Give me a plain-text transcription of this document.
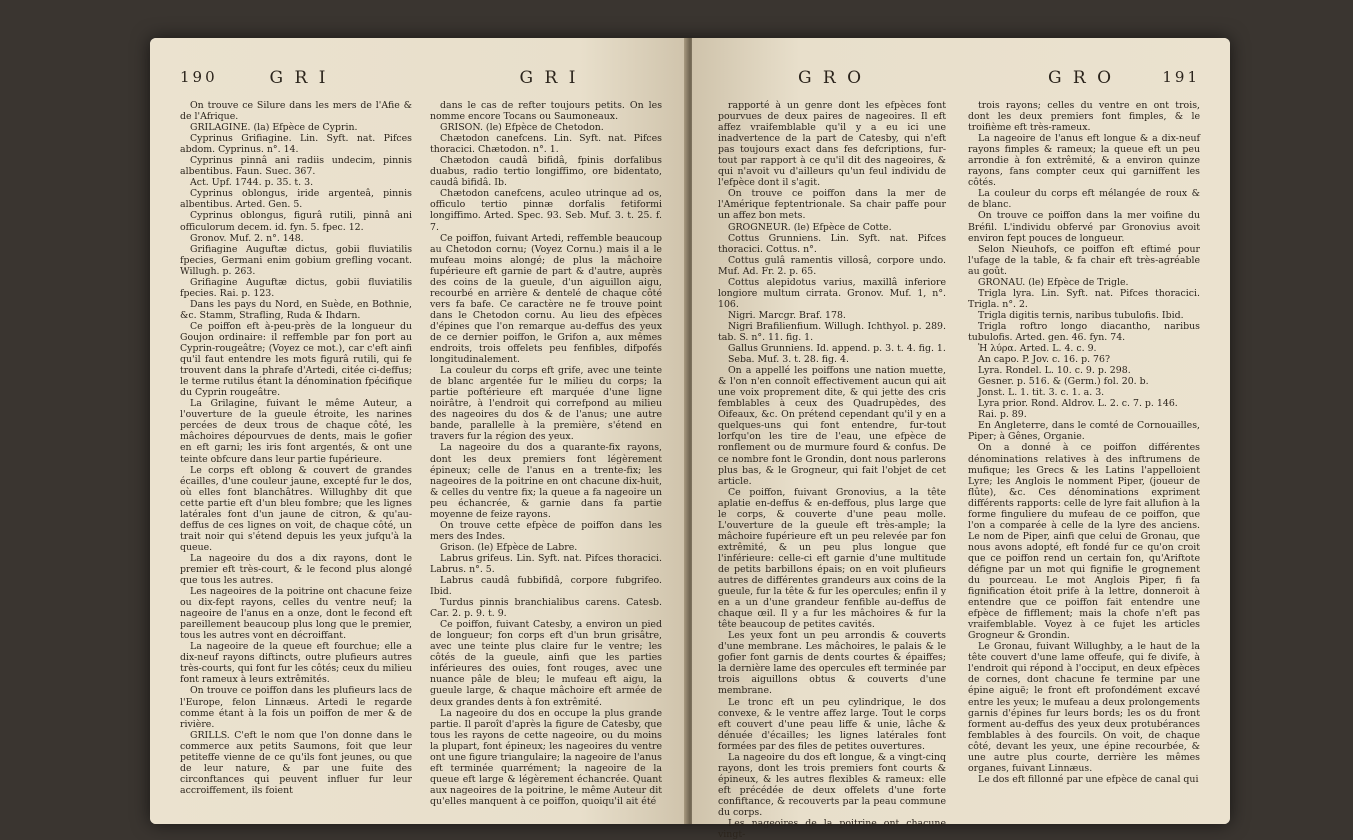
190	G R I	G R I

On trouve ce Silure dans les mers de l'Afie & de l'Afrique.

GRILAGINE. (la) Efpèce de Cyprin.

Cyprinus Grifiagine. Lin. Syft. nat. Pifces abdom. Cyprinus. n°. 14.

Cyprinus pinnâ ani radiis undecim, pinnis albentibus. Faun. Suec. 367.

Act. Upf. 1744. p. 35. t. 3.

Cyprinus oblongus, iride argenteâ, pinnis albentibus. Arted. Gen. 5.

Cyprinus oblongus, figurâ rutili, pinnâ ani officulorum decem. id. fyn. 5. fpec. 12.

Gronov. Muf. 2. n°. 148.

Grifiagine Auguftæ dictus, gobii fluviatilis fpecies, Germani enim gobium grefling vocant. Willugh. p. 263.

Grifiagine Auguftæ dictus, gobii fluviatilis fpecies. Rai. p. 123.

Dans les pays du Nord, en Suède, en Bothnie, &c. Stamm, Strafling, Ruda & Ihdarn.

Ce poiffon eft à-peu-près de la longueur du Goujon ordinaire: il reffemble par fon port au Cyprin-rougeâtre; (Voyez ce mot.), car c'eft ainfi qu'il faut entendre les mots figurâ rutili, qui fe trouvent dans la phrafe d'Artedi, citée ci-deffus; le terme rutilus étant la dénomination fpécifique du Cyprin rougeâtre.

La Grilagine, fuivant le même Auteur, a l'ouverture de la gueule étroite, les narines percées de deux trous de chaque côté, les mâchoires dépourvues de dents, mais le gofier en eft garni; les iris font argentés, & ont une teinte obfcure dans leur partie fupérieure.

Le corps eft oblong & couvert de grandes écailles, d'une couleur jaune, excepté fur le dos, où elles font blanchâtres. Willughby dit que cette partie eft d'un bleu fombre; que les lignes latérales font d'un jaune de citron, & qu'au-deffus de ces lignes on voit, de chaque côté, un trait noir qui s'étend depuis les yeux jufqu'à la queue.

La nageoire du dos a dix rayons, dont le premier eft très-court, & le fecond plus alongé que tous les autres.

Les nageoires de la poitrine ont chacune feize ou dix-fept rayons, celles du ventre neuf; la nageoire de l'anus en a onze, dont le fecond eft pareillement beaucoup plus long que le premier, tous les autres vont en décroiffant.

La nageoire de la queue eft fourchue; elle a dix-neuf rayons diftincts, outre plufieurs autres très-courts, qui font fur les côtés; ceux du milieu font rameux à leurs extrêmités.

On trouve ce poiffon dans les plufieurs lacs de l'Europe, felon Linnæus. Artedi le regarde comme étant à la fois un poiffon de mer & de rivière.

GRILLS. C'eft le nom que l'on donne dans le commerce aux petits Saumons, foit que leur petiteffe vienne de ce qu'ils font jeunes, ou que de leur nature, & par une fuite des circonftances qui peuvent influer fur leur accroiffement, ils foient

dans le cas de refter toujours petits. On les nomme encore Tocans ou Saumoneaux.

GRISON. (le) Efpèce de Chetodon.

Chætodon canefcens. Lin. Syft. nat. Pifces thoracici. Chætodon. n°. 1.

Chætodon caudâ bifidâ, fpinis dorfalibus duabus, radio tertio longiffimo, ore bidentato, caudâ bifidâ. Ib.

Chætodon canefcens, aculeo utrinque ad os, officulo tertio pinnæ dorfalis fetiformi longiffimo. Arted. Spec. 93. Seb. Muf. 3. t. 25. f. 7.

Ce poiffon, fuivant Artedi, reffemble beaucoup au Chetodon cornu; (Voyez Cornu.) mais il a le mufeau moins alongé; de plus la mâchoire fupérieure eft garnie de part & d'autre, auprès des coins de la gueule, d'un aiguillon aigu, recourbé en arrière & dentelé de chaque côté vers fa bafe. Ce caractère ne fe trouve point dans le Chetodon cornu. Au lieu des efpèces d'épines que l'on remarque au-deffus des yeux de ce dernier poiffon, le Grifon a, aux mêmes endroits, trois offelets peu fenfibles, difpofés longitudinalement.

La couleur du corps eft grife, avec une teinte de blanc argentée fur le milieu du corps; la partie poftérieure eft marquée d'une ligne noirâtre, à l'endroit qui correfpond au milieu des nageoires du dos & de l'anus; une autre bande, parallelle à la première, s'étend en travers fur la région des yeux.

La nageoire du dos a quarante-fix rayons, dont les deux premiers font légèrement épineux; celle de l'anus en a trente-fix; les nageoires de la poitrine en ont chacune dix-huit, & celles du ventre fix; la queue a fa nageoire un peu échancrée, & garnie dans fa partie moyenne de feize rayons.

On trouve cette efpèce de poiffon dans les mers des Indes.

Grison. (le) Efpèce de Labre.

Labrus grifeus. Lin. Syft. nat. Pifces thoracici. Labrus. n°. 5.

Labrus caudâ fubbifidâ, corpore fubgrifeo. Ibid.

Turdus pinnis branchialibus carens. Catesb. Car. 2. p. 9. t. 9.

Ce poiffon, fuivant Catesby, a environ un pied de longueur; fon corps eft d'un brun grisâtre, avec une teinte plus claire fur le ventre; les côtés de la gueule, ainfi que les parties inférieures des ouies, font rouges, avec une nuance pâle de bleu; le mufeau eft aigu, la gueule large, & chaque mâchoire eft armée de deux grandes dents à fon extrêmité.

La nageoire du dos en occupe la plus grande partie. Il paroît d'après la figure de Catesby, que tous les rayons de cette nageoire, ou du moins la plupart, font épineux; les nageoires du ventre ont une figure triangulaire; la nageoire de l'anus eft terminée quarrément; la nageoire de la queue eft large & légèrement échancrée. Quant aux nageoires de la poitrine, le même Auteur dit qu'elles manquent à ce poiffon, quoiqu'il ait été

G R O	G R O	191

rapporté à un genre dont les efpèces font pourvues de deux paires de nageoires. Il eft affez vraifemblable qu'il y a eu ici une inadvertence de la part de Catesby, qui n'eft pas toujours exact dans fes defcriptions, fur-tout par rapport à ce qu'il dit des nageoires, & qui n'avoit vu d'ailleurs qu'un feul individu de l'efpèce dont il s'agit.

On trouve ce poiffon dans la mer de l'Amérique feptentrionale. Sa chair paffe pour un affez bon mets.

GROGNEUR. (le) Efpèce de Cotte.

Cottus Grunniens. Lin. Syft. nat. Pifces thoracici. Cottus. n°.

Cottus gulâ ramentis villosâ, corpore undo. Muf. Ad. Fr. 2. p. 65.

Cottus alepidotus varius, maxillâ inferiore longiore multum cirrata. Gronov. Muf. 1, n°. 106.

Nigri. Marcgr. Braf. 178.

Nigri Brafilienfium. Willugh. Ichthyol. p. 289. tab. S. n°. 11. fig. 1.

Gallus Grunniens. Id. append. p. 3. t. 4. fig. 1.

Seba. Muf. 3. t. 28. fig. 4.

On a appellé les poiffons une nation muette, & l'on n'en connoît effectivement aucun qui ait une voix proprement dite, & qui jette des cris femblables à ceux des Quadrupèdes, des Oifeaux, &c. On prétend cependant qu'il y en a quelques-uns qui font entendre, fur-tout lorfqu'on les tire de l'eau, une efpèce de ronflement ou de murmure fourd & confus. De ce nombre font le Grondin, dont nous parlerons plus bas, & le Grogneur, qui fait l'objet de cet article.

Ce poiffon, fuivant Gronovius, a la tête aplatie en-deffus & en-deffous, plus large que le corps, & couverte d'une peau molle. L'ouverture de la gueule eft très-ample; la mâchoire fupérieure eft un peu relevée par fon extrêmité, & un peu plus longue que l'inférieure: celle-ci eft garnie d'une multitude de petits barbillons épais; on en voit plufieurs autres de différentes grandeurs aux coins de la gueule, fur la tête & fur les opercules; enfin il y en a un d'une grandeur fenfible au-deffus de chaque œil. Il y a fur les mâchoires & fur la tête beaucoup de petites cavités.

Les yeux font un peu arrondis & couverts d'une membrane. Les mâchoires, le palais & le gofier font garnis de dents courtes & épaiffes; la dernière lame des opercules eft terminée par trois aiguillons obtus & couverts d'une membrane.

Le tronc eft un peu cylindrique, le dos convexe, & le ventre affez large. Tout le corps eft couvert d'une peau liffe & unie, lâche & dénuée d'écailles; les lignes latérales font formées par des files de petites ouvertures.

La nageoire du dos eft longue, & a vingt-cinq rayons, dont les trois premiers font courts & épineux, & les autres flexibles & rameux: elle eft précédée de deux offelets d'une forte confiftance, & recouverts par la peau commune du corps.

Les nageoires de la poitrine ont chacune vingt-

trois rayons; celles du ventre en ont trois, dont les deux premiers font fimples, & le troifième eft très-rameux.

La nageoire de l'anus eft longue & a dix-neuf rayons fimples & rameux; la queue eft un peu arrondie à fon extrêmité, & a environ quinze rayons, fans compter ceux qui garniffent les côtés.

La couleur du corps eft mélangée de roux & de blanc.

On trouve ce poiffon dans la mer voifine du Bréfil. L'individu obfervé par Gronovius avoit environ fept pouces de longueur.

Selon Nieuhofs, ce poiffon eft eftimé pour l'ufage de la table, & fa chair eft très-agréable au goût.

GRONAU. (le) Efpèce de Trigle.

Trigla lyra. Lin. Syft. nat. Pifces thoracici. Trigla. n°. 2.

Trigla digitis ternis, naribus tubulofis. Ibid.

Trigla roftro longo diacantho, naribus tubulofis. Arted. gen. 46. fyn. 74.

Ἡ λύρα. Arted. L. 4. c. 9.

An capo. P. Jov. c. 16. p. 76?

Lyra. Rondel. L. 10. c. 9. p. 298.

Gesner. p. 516. & (Germ.) fol. 20. b.

Jonst. L. 1. tit. 3. c. 1. a. 3.

Lyra prior. Rond. Aldrov. L. 2. c. 7. p. 146.

Rai. p. 89.

En Angleterre, dans le comté de Cornouailles, Piper; à Gênes, Organie.

On a donné à ce poiffon différentes dénominations relatives à des inftrumens de mufique; les Grecs & les Latins l'appelloient Lyre; les Anglois le nomment Piper, (joueur de flûte), &c. Ces dénominations expriment différents rapports: celle de lyre fait allufion à la forme finguliere du mufeau de ce poiffon, que l'on a comparée à celle de la lyre des anciens. Le nom de Piper, ainfi que celui de Gronau, que nous avons adopté, eft fondé fur ce qu'on croit que ce poiffon rend un certain fon, qu'Ariftote défigne par un mot qui fignifie le grognement du pourceau. Le mot Anglois Piper, fi fa fignification étoit prife à la lettre, donneroit à entendre que ce poiffon fait entendre une efpèce de fifflement; mais la chofe n'eft pas vraifemblable. Voyez à ce fujet les articles Grogneur & Grondin.

Le Gronau, fuivant Willughby, a le haut de la tête couvert d'une lame offeufe, qui fe divife, à l'endroit qui répond à l'occiput, en deux efpèces de cornes, dont chacune fe termine par une épine aiguë; le front eft profondément excavé entre les yeux; le mufeau a deux prolongements garnis d'épines fur leurs bords; les os du front forment au-deffus des yeux deux protubérances femblables à des fourcils. On voit, de chaque côté, devant les yeux, une épine recourbée, & une autre plus courte, derrière les mêmes organes, fuivant Linnæus.

Le dos eft fillonné par une efpèce de canal qui
